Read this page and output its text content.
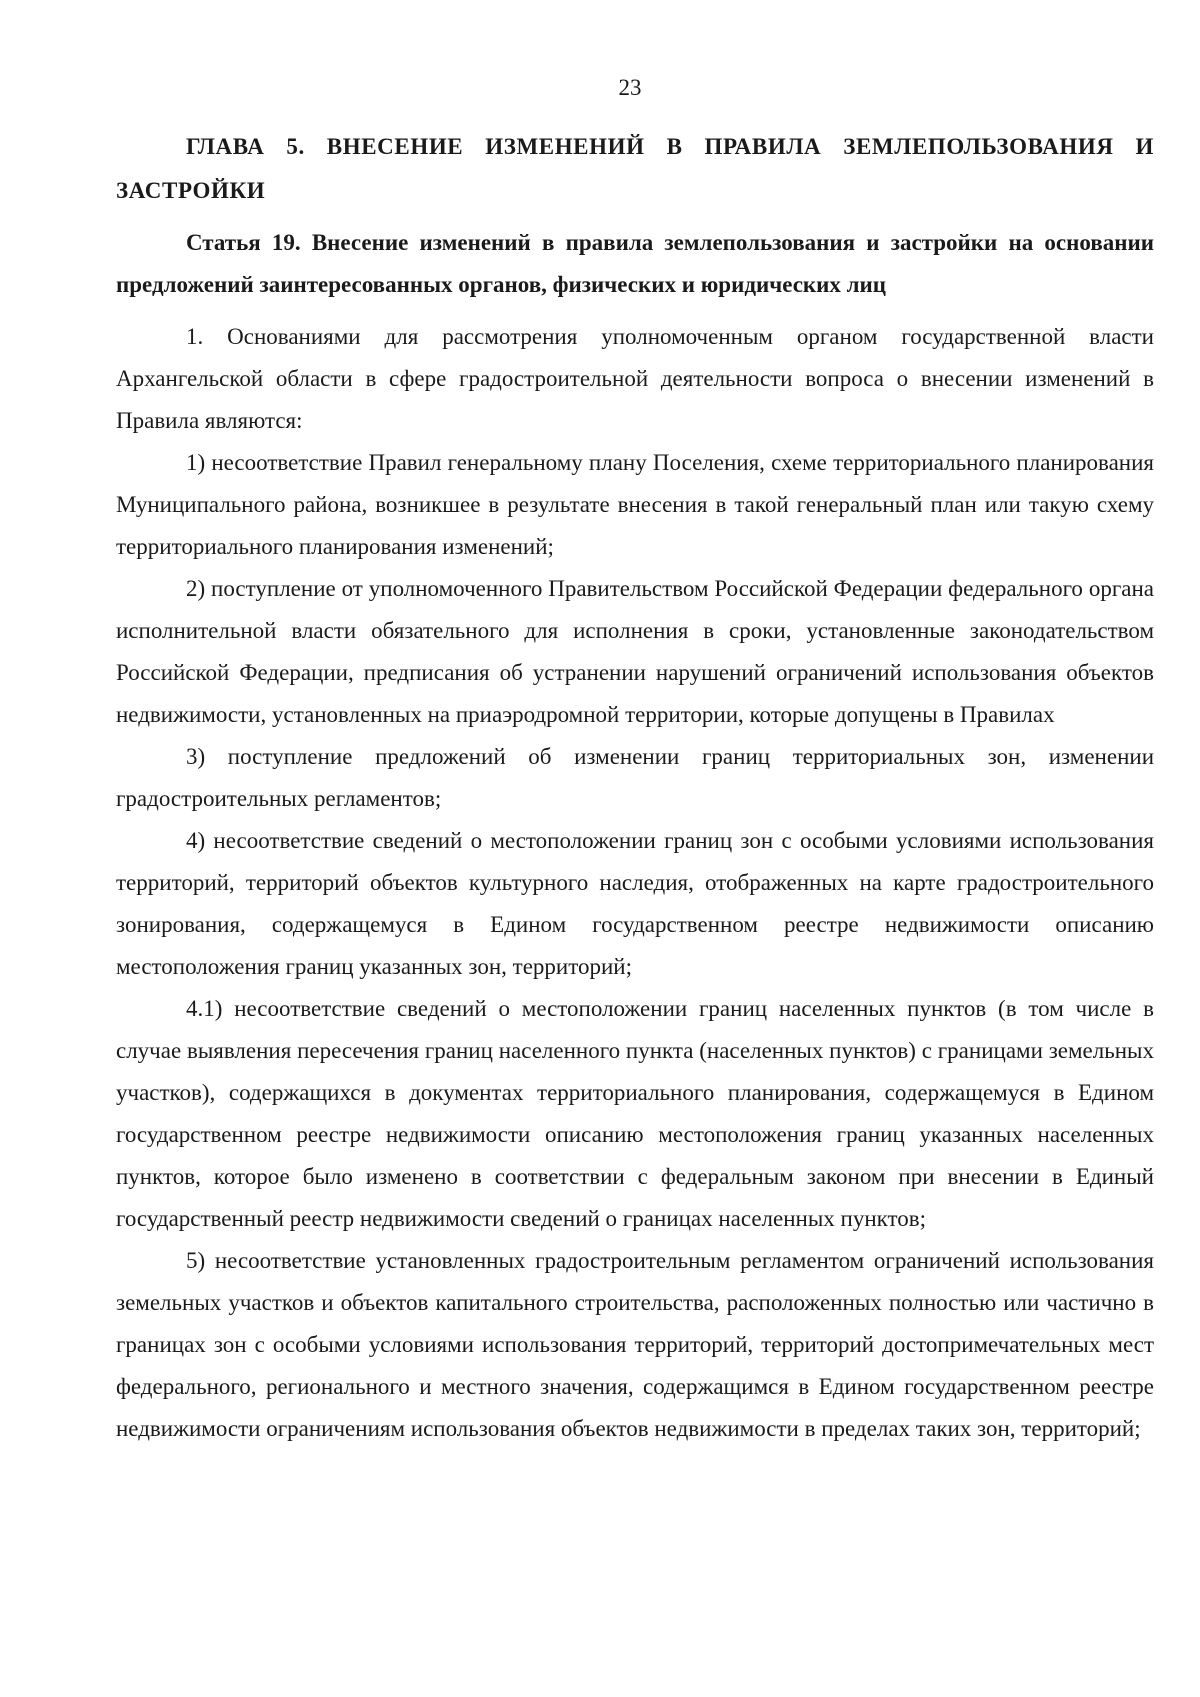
23
ГЛАВА 5. ВНЕСЕНИЕ ИЗМЕНЕНИЙ В ПРАВИЛА ЗЕМЛЕПОЛЬЗОВАНИЯ И ЗАСТРОЙКИ
Статья 19. Внесение изменений в правила землепользования и застройки на основании предложений заинтересованных органов, физических и юридических лиц

1. Основаниями для рассмотрения уполномоченным органом государственной власти Архангельской области в сфере градостроительной деятельности вопроса о внесении изменений в Правила являются:

1) несоответствие Правил генеральному плану Поселения, схеме территориального планирования Муниципального района, возникшее в результате внесения в такой генеральный план или такую схему территориального планирования изменений;

2) поступление от уполномоченного Правительством Российской Федерации федерального органа исполнительной власти обязательного для исполнения в сроки, установленные законодательством Российской Федерации, предписания об устранении нарушений ограничений использования объектов недвижимости, установленных на приаэродромной территории, которые допущены в Правилах

3) поступление предложений об изменении границ территориальных зон, изменении градостроительных регламентов;

4) несоответствие сведений о местоположении границ зон с особыми условиями использования территорий, территорий объектов культурного наследия, отображенных на карте градостроительного зонирования, содержащемуся в Едином государственном реестре недвижимости описанию местоположения границ указанных зон, территорий;

4.1) несоответствие сведений о местоположении границ населенных пунктов (в том числе в случае выявления пересечения границ населенного пункта (населенных пунктов) с границами земельных участков), содержащихся в документах территориального планирования, содержащемуся в Едином государственном реестре недвижимости описанию местоположения границ указанных населенных пунктов, которое было изменено в соответствии с федеральным законом при внесении в Единый государственный реестр недвижимости сведений о границах населенных пунктов;

5) несоответствие установленных градостроительным регламентом ограничений использования земельных участков и объектов капитального строительства, расположенных полностью или частично в границах зон с особыми условиями использования территорий, территорий достопримечательных мест федерального, регионального и местного значения, содержащимся в Едином государственном реестре недвижимости ограничениям использования объектов недвижимости в пределах таких зон, территорий;
